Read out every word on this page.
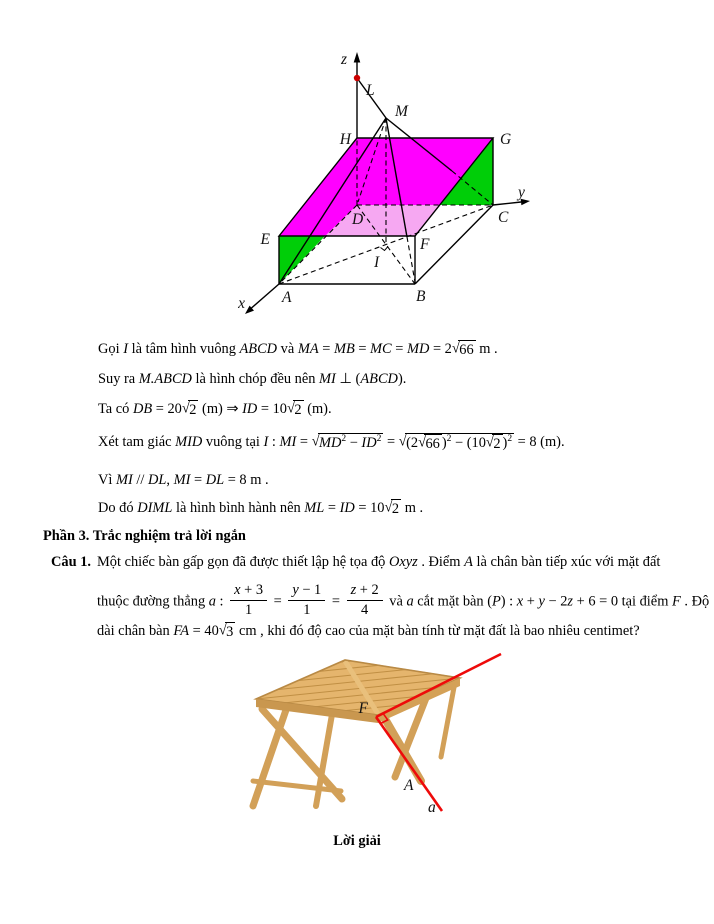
z
L
M
H	G
y
C
D
E	F
I
A	B
x
Gọi I là tâm hình vuông ABCD và MA = MB = MC = MD = 2 √ 66 m .
Suy ra M.ABCD là hình chóp đều nên MI ⊥ (ABCD).
Ta có DB = 20 √ 2 (m) ⇒ ID = 10 √ 2 (m).
Xét tam giác MID vuông tại I : MI = √ $MD^2 - ID^2$ = √ (2 √ 66 )$^2$ − (10 √ 2 )$^2$ = 8 (m).
Vì MI // DL, MI = DL = 8 m .
Do đó DIML là hình bình hành nên ML = ID = 10 √ 2 m .
Phần 3. Trắc nghiệm trả lời ngắn
Câu 1. Một chiếc bàn gấp gọn đã được thiết lập hệ tọa độ Oxyz . Điểm A là chân bàn tiếp xúc với mặt đất
thuộc đường thẳng a : $\frac{x + 3}{1} = \frac{y - 1}{1} = \frac{z + 2}{4}$ và a cắt mặt bàn (P) : x + y − 2z + 6 = 0 tại điểm F . Độ
dài chân bàn FA = 40 √ 3 cm , khi đó độ cao của mặt bàn tính từ mặt đất là bao nhiêu centimet?
F
A
a
Lời giải
